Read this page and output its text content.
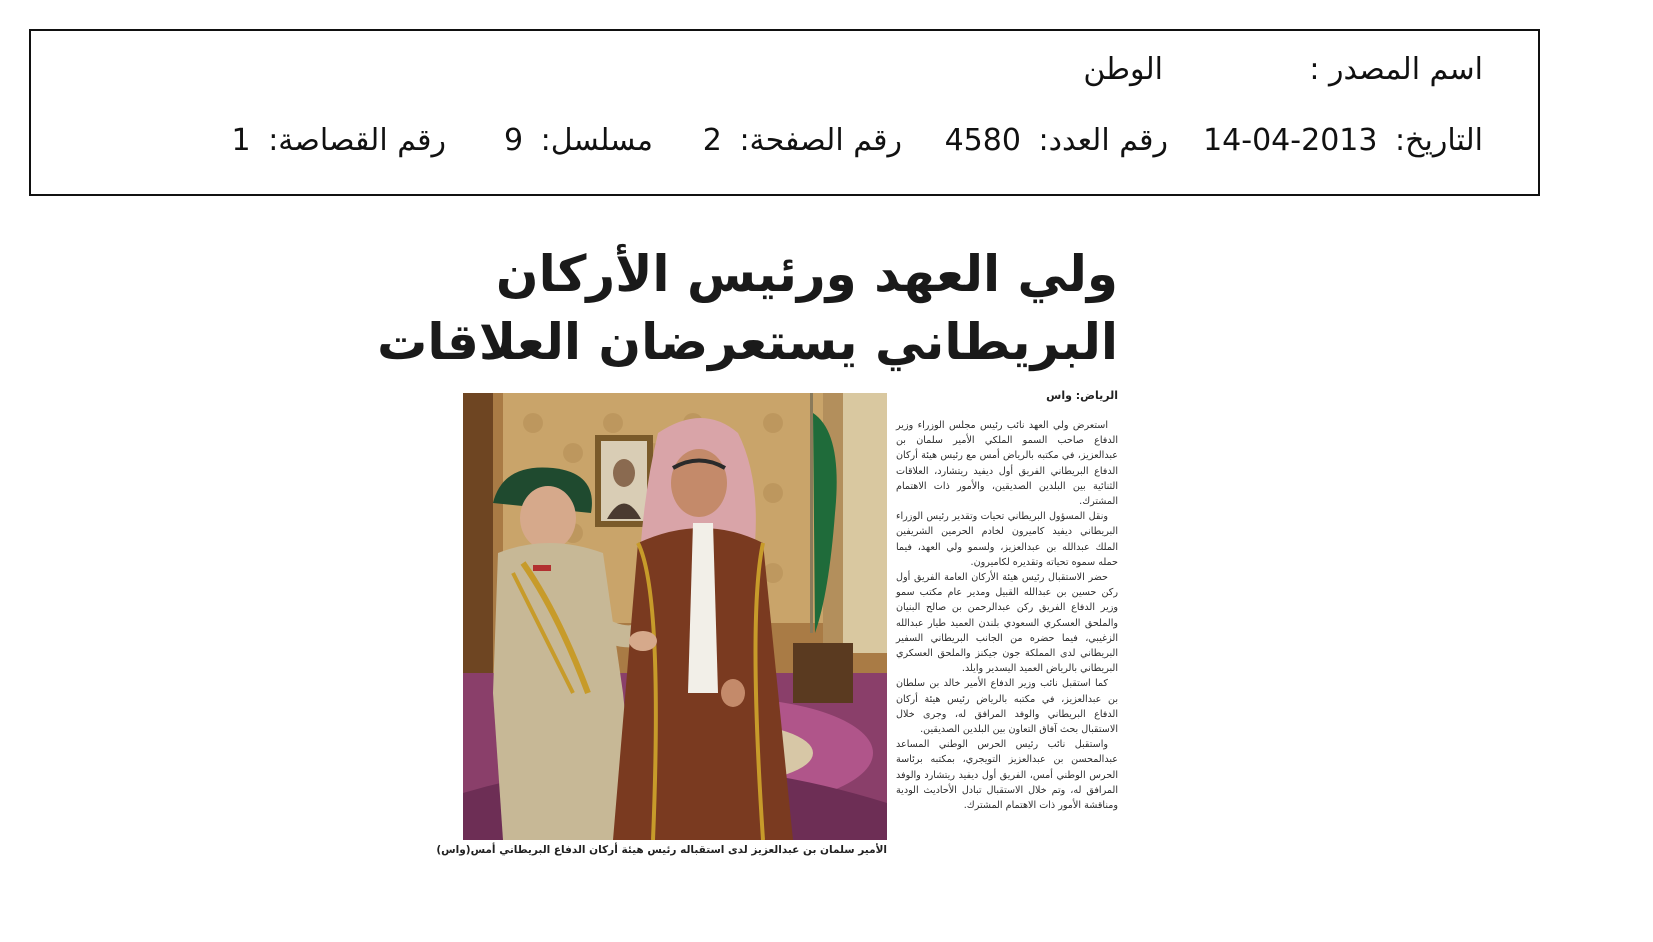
اسم المصدر :
الوطن
التاريخ: 2013-04-14
رقم العدد: 4580
رقم الصفحة: 2
مسلسل: 9
رقم القصاصة: 1
ولي العهد ورئيس الأركان
البريطاني يستعرضان العلاقات
الأمير سلمان بن عبدالعزيز لدى استقباله رئيس هيئة أركان الدفاع البريطاني أمس
(واس)
الرياض: واس

استعرض ولي العهد نائب رئيس مجلس الوزراء وزير الدفاع صاحب السمو الملكي الأمير سلمان بن عبدالعزيز، في مكتبه بالرياض أمس مع رئيس هيئة أركان الدفاع البريطاني الفريق أول ديفيد ريتشارد، العلاقات الثنائية بين البلدين الصديقين، والأمور ذات الاهتمام المشترك.

ونقل المسؤول البريطاني تحيات وتقدير رئيس الوزراء البريطاني ديفيد كاميرون لخادم الحرمين الشريفين الملك عبدالله بن عبدالعزيز، ولسمو ولي العهد، فيما حمله سموه تحياته وتقديره لكاميرون.

حضر الاستقبال رئيس هيئة الأركان العامة الفريق أول ركن حسين بن عبدالله القبيل ومدير عام مكتب سمو وزير الدفاع الفريق ركن عبدالرحمن بن صالح البنيان والملحق العسكري السعودي بلندن العميد طيار عبدالله الزغيبي، فيما حضره من الجانب البريطاني السفير البريطاني لدى المملكة جون جيكنز والملحق العسكري البريطاني بالرياض العميد اليسدير وايلد.

كما استقبل نائب وزير الدفاع الأمير خالد بن سلطان بن عبدالعزيز، في مكتبه بالرياض رئيس هيئة أركان الدفاع البريطاني والوفد المرافق له، وجرى خلال الاستقبال بحث آفاق التعاون بين البلدين الصديقين.

واستقبل نائب رئيس الحرس الوطني المساعد عبدالمحسن بن عبدالعزيز التويجري، بمكتبه برئاسة الحرس الوطني أمس، الفريق أول ديفيد ريتشارد والوفد المرافق له، وتم خلال الاستقبال تبادل الأحاديث الودية ومناقشة الأمور ذات الاهتمام المشترك.
